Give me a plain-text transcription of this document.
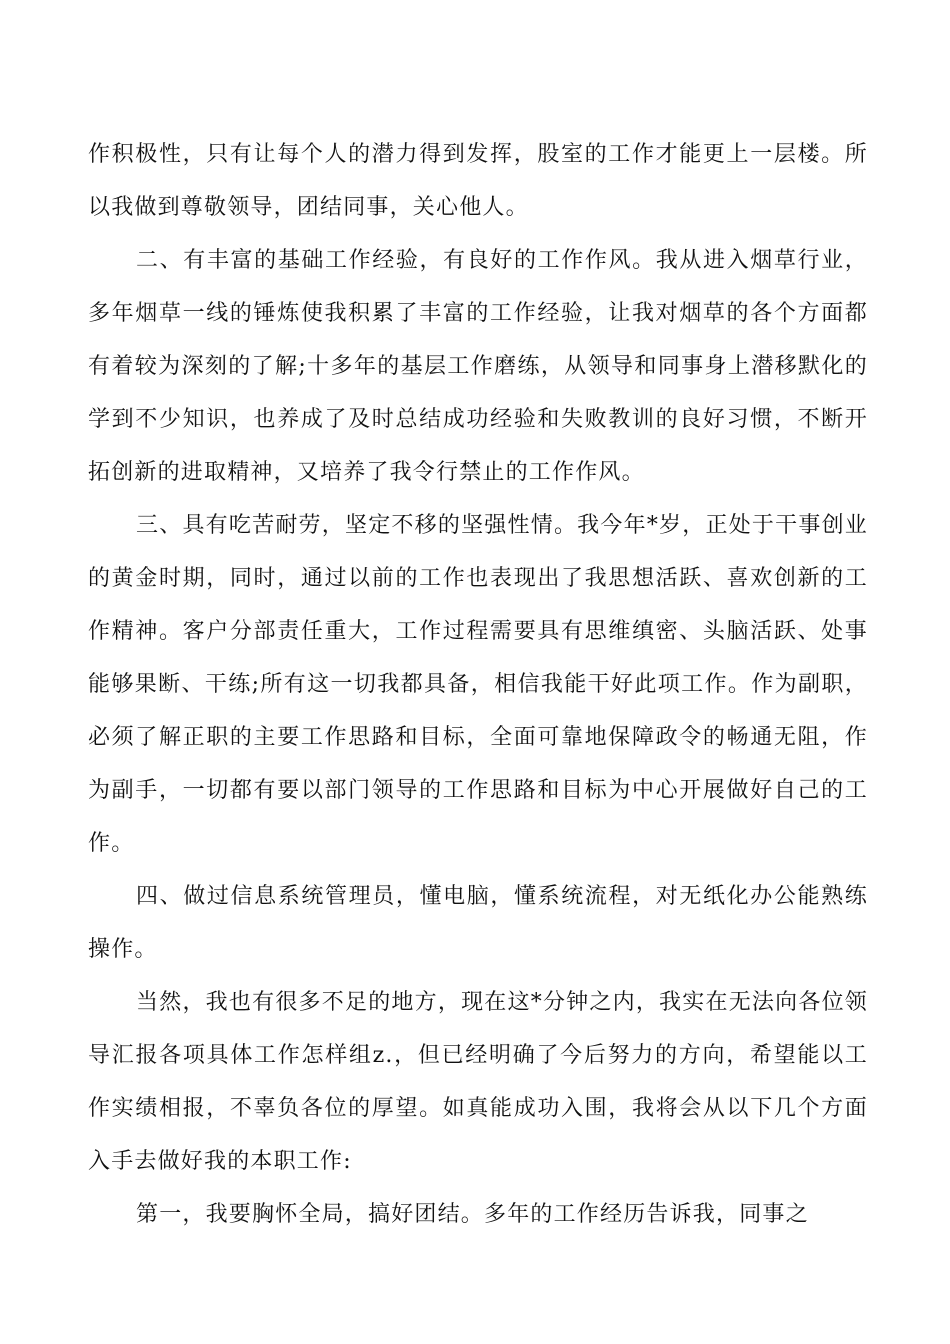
作积极性，只有让每个人的潜力得到发挥，股室的工作才能更上一层楼。所以我做到尊敬领导，团结同事，关心他人。

二、有丰富的基础工作经验，有良好的工作作风。我从进入烟草行业，多年烟草一线的锤炼使我积累了丰富的工作经验，让我对烟草的各个方面都有着较为深刻的了解;十多年的基层工作磨练，从领导和同事身上潜移默化的学到不少知识，也养成了及时总结成功经验和失败教训的良好习惯，不断开拓创新的进取精神，又培养了我令行禁止的工作作风。

三、具有吃苦耐劳，坚定不移的坚强性情。我今年*岁，正处于干事创业的黄金时期，同时，通过以前的工作也表现出了我思想活跃、喜欢创新的工作精神。客户分部责任重大，工作过程需要具有思维缜密、头脑活跃、处事能够果断、干练;所有这一切我都具备，相信我能干好此项工作。作为副职，必须了解正职的主要工作思路和目标，全面可靠地保障政令的畅通无阻，作为副手，一切都有要以部门领导的工作思路和目标为中心开展做好自己的工作。

四、做过信息系统管理员，懂电脑，懂系统流程，对无纸化办公能熟练操作。

当然，我也有很多不足的地方，现在这*分钟之内，我实在无法向各位领导汇报各项具体工作怎样组z.，但已经明确了今后努力的方向，希望能以工作实绩相报，不辜负各位的厚望。如真能成功入围，我将会从以下几个方面入手去做好我的本职工作:

第一，我要胸怀全局，搞好团结。多年的工作经历告诉我，同事之
